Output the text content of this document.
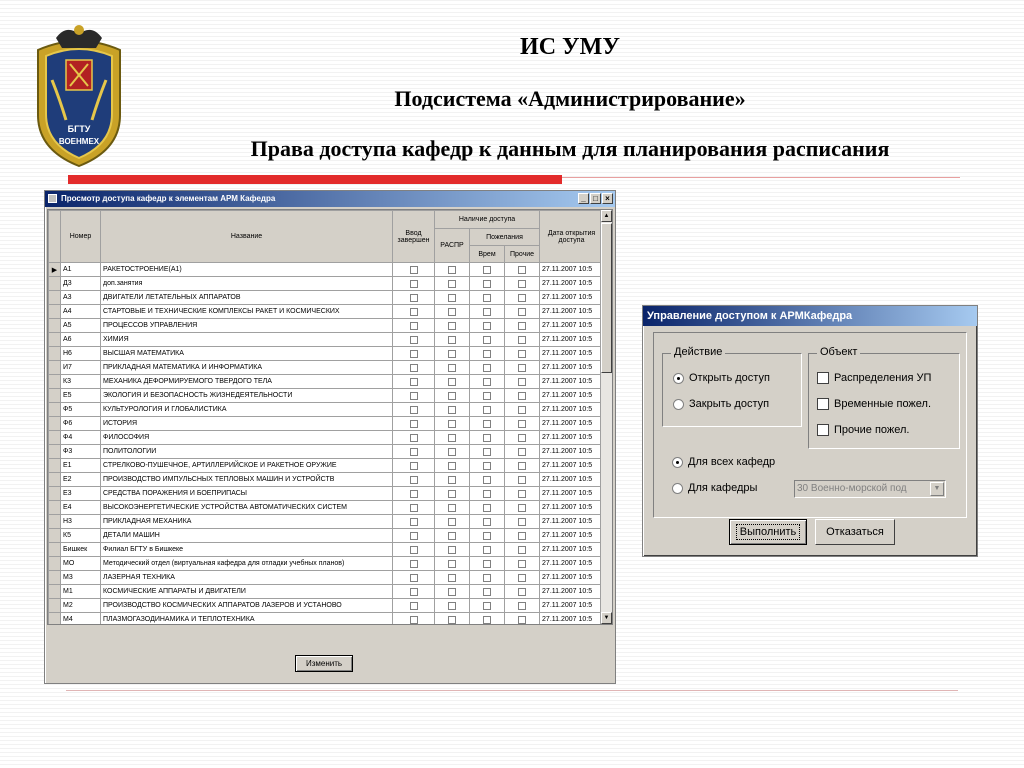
БГТУ
ВОЕНМЕХ
ИС УМУ
Подсистема «Администрирование»
Права доступа кафедр к данным для планирования расписания
Просмотр доступа кафедр к элементам АРМ Кафедра	_ □ ×
	Номер	Название	Ввод завершен	Наличие доступа			Дата открытия доступа
				РАСПР	Пожелания		
					Врем	Прочие	
▶	А1	РАКЕТОСТРОЕНИЕ(А1)					27.11.2007 10:5
	Д3	доп.занятия					27.11.2007 10:5
	А3	ДВИГАТЕЛИ ЛЕТАТЕЛЬНЫХ АППАРАТОВ					27.11.2007 10:5
	А4	СТАРТОВЫЕ И ТЕХНИЧЕСКИЕ КОМПЛЕКСЫ РАКЕТ И КОСМИЧЕСКИХ					27.11.2007 10:5
	А5	ПРОЦЕССОВ УПРАВЛЕНИЯ					27.11.2007 10:5
	А6	ХИМИЯ					27.11.2007 10:5
	Н6	ВЫСШАЯ МАТЕМАТИКА					27.11.2007 10:5
	И7	ПРИКЛАДНАЯ МАТЕМАТИКА И ИНФОРМАТИКА					27.11.2007 10:5
	К3	МЕХАНИКА ДЕФОРМИРУЕМОГО ТВЕРДОГО ТЕЛА					27.11.2007 10:5
	Е5	ЭКОЛОГИЯ И БЕЗОПАСНОСТЬ ЖИЗНЕДЕЯТЕЛЬНОСТИ					27.11.2007 10:5
	Ф5	КУЛЬТУРОЛОГИЯ И ГЛОБАЛИСТИКА					27.11.2007 10:5
	Ф6	ИСТОРИЯ					27.11.2007 10:5
	Ф4	ФИЛОСОФИЯ					27.11.2007 10:5
	Ф3	ПОЛИТОЛОГИИ					27.11.2007 10:5
	Е1	СТРЕЛКОВО-ПУШЕЧНОЕ, АРТИЛЛЕРИЙСКОЕ И РАКЕТНОЕ ОРУЖИЕ					27.11.2007 10:5
	Е2	ПРОИЗВОДСТВО ИМПУЛЬСНЫХ ТЕПЛОВЫХ МАШИН И УСТРОЙСТВ					27.11.2007 10:5
	Е3	СРЕДСТВА ПОРАЖЕНИЯ И БОЕПРИПАСЫ					27.11.2007 10:5
	Е4	ВЫСОКОЭНЕРГЕТИЧЕСКИЕ УСТРОЙСТВА АВТОМАТИЧЕСКИХ СИСТЕМ					27.11.2007 10:5
	Н3	ПРИКЛАДНАЯ МЕХАНИКА					27.11.2007 10:5
	К5	ДЕТАЛИ МАШИН					27.11.2007 10:5
	Бишкек	Филиал БГТУ в Бишкеке					27.11.2007 10:5
	МО	Методический отдел (виртуальная кафедра для отладки учебных планов)					27.11.2007 10:5
	М3	ЛАЗЕРНАЯ ТЕХНИКА					27.11.2007 10:5
	М1	КОСМИЧЕСКИЕ АППАРАТЫ И ДВИГАТЕЛИ					27.11.2007 10:5
	М2	ПРОИЗВОДСТВО КОСМИЧЕСКИХ АППАРАТОВ ЛАЗЕРОВ И УСТАНОВО					27.11.2007 10:5
	М4	ПЛАЗМОГАЗОДИНАМИКА И ТЕПЛОТЕХНИКА					27.11.2007 10:5
▲
▼
Изменить
Управление доступом к АРМКафедра
Действие
Открыть доступ
Закрыть доступ
Объект
Распределения УП
Временные пожел.
Прочие пожел.
Для всех кафедр
Для кафедры	30 Военно-морской под	▼
Выполнить	Отказаться
